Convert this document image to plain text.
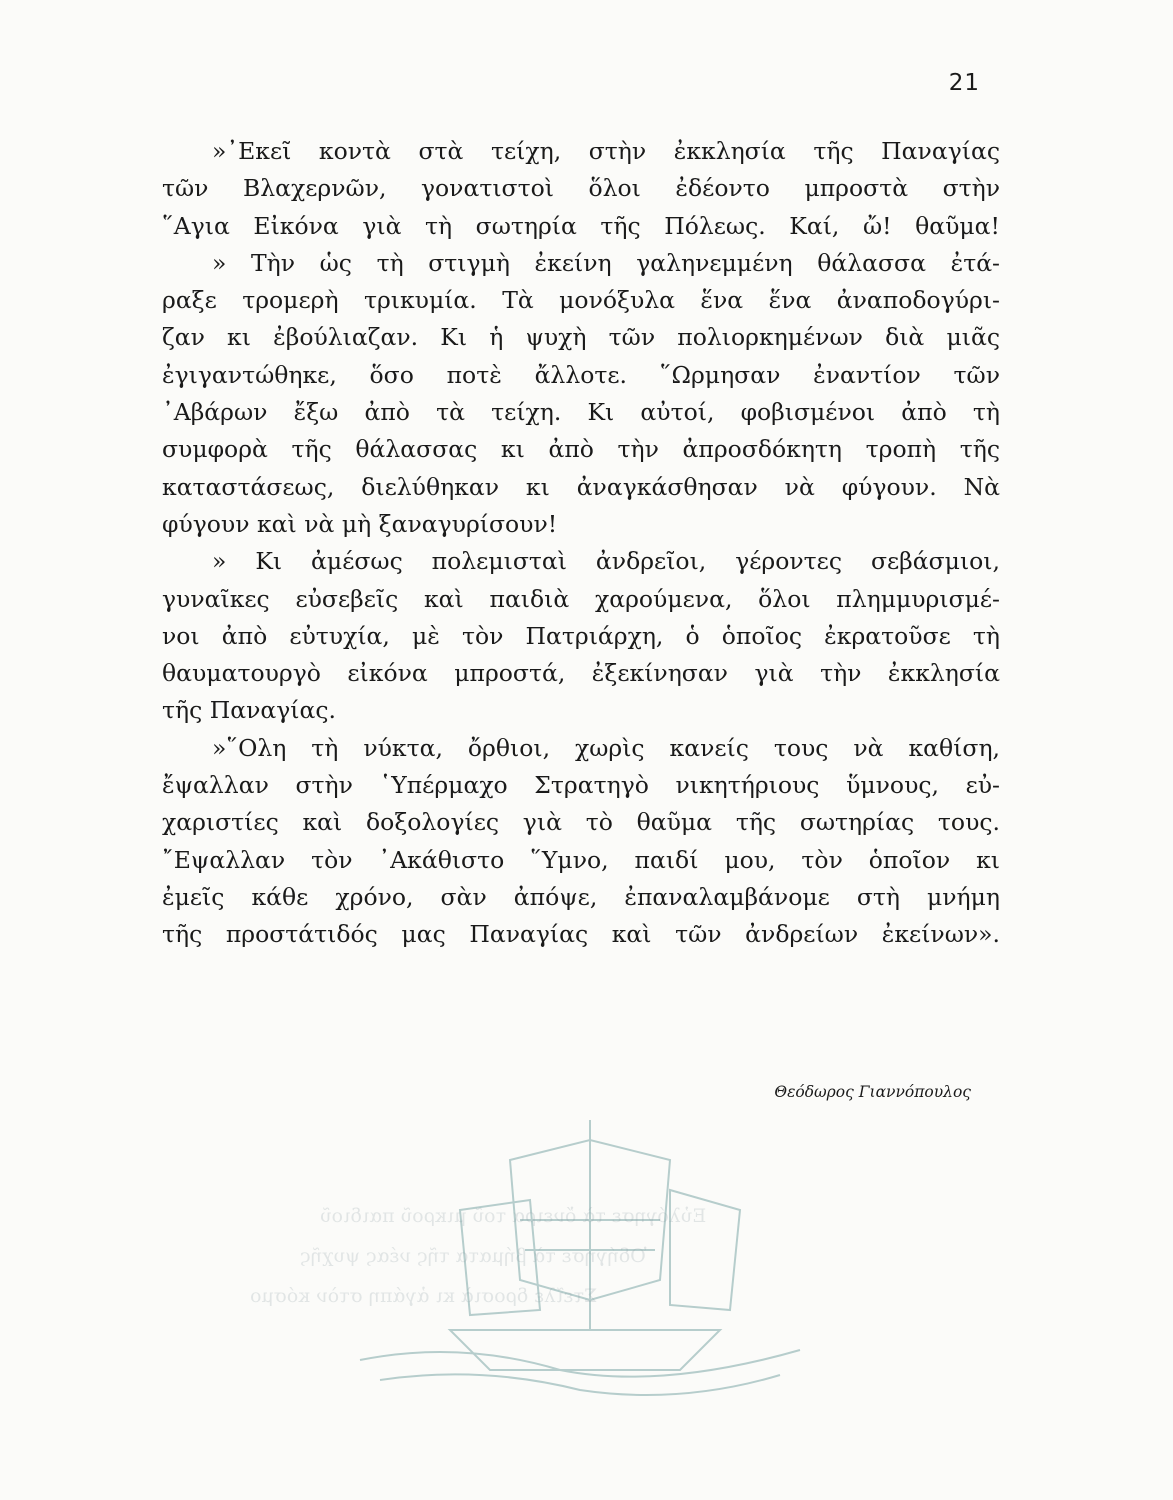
Εὐλόγησε τὰ ὄνειρα τοῦ μικροῦ παιδιοῦ
Ὁδήγησε τὰ βήματα τῆς νέας ψυχῆς
Στεῖλε δροσιὰ κι ἀγάπη στὸν κόσμο
21
»᾿Εκεῖ κοντὰ στὰ τείχη, στὴν ἐκκλησία τῆς Παναγίας
τῶν Βλαχερνῶν, γονατιστοὶ ὅλοι ἐδέοντο μπροστὰ στὴν
῞Αγια Εἰκόνα γιὰ τὴ σωτηρία τῆς Πόλεως. Καί, ὤ! θαῦμα!
» Τὴν ὡς τὴ στιγμὴ ἐκείνη γαληνεμμένη θάλασσα ἐτά-
ραξε τρομερὴ τρικυμία. Τὰ μονόξυλα ἕνα ἕνα ἀναποδογύρι-
ζαν κι ἐβούλιαζαν. Κι ἡ ψυχὴ τῶν πολιορκημένων διὰ μιᾶς
ἐγιγαντώθηκε, ὅσο ποτὲ ἄλλοτε. ῞Ωρμησαν ἐναντίον τῶν
᾿Αβάρων ἔξω ἀπὸ τὰ τείχη. Κι αὐτοί, φοβισμένοι ἀπὸ τὴ
συμφορὰ τῆς θάλασσας κι ἀπὸ τὴν ἀπροσδόκητη τροπὴ τῆς
καταστάσεως, διελύθηκαν κι ἀναγκάσθησαν νὰ φύγουν. Νὰ
φύγουν καὶ νὰ μὴ ξαναγυρίσουν!
» Κι ἀμέσως πολεμισταὶ ἀνδρεῖοι, γέροντες σεβάσμιοι,
γυναῖκες εὐσεβεῖς καὶ παιδιὰ χαρούμενα, ὅλοι πλημμυρισμέ-
νοι ἀπὸ εὐτυχία, μὲ τὸν Πατριάρχη, ὁ ὁποῖος ἐκρατοῦσε τὴ
θαυματουργὸ εἰκόνα μπροστά, ἐξεκίνησαν γιὰ τὴν ἐκκλησία
τῆς Παναγίας.
»῞Ολη τὴ νύκτα, ὄρθιοι, χωρὶς κανείς τους νὰ καθίση,
ἔψαλλαν στὴν ῾Υπέρμαχο Στρατηγὸ νικητήριους ὕμνους, εὐ-
χαριστίες καὶ δοξολογίες γιὰ τὸ θαῦμα τῆς σωτηρίας τους.
῎Εψαλλαν τὸν ᾿Ακάθιστο ῞Υμνο, παιδί μου, τὸν ὁποῖον κι
ἐμεῖς κάθε χρόνο, σὰν ἀπόψε, ἐπαναλαμβάνομε στὴ μνήμη
τῆς προστάτιδός μας Παναγίας καὶ τῶν ἀνδρείων ἐκείνων».
Θεόδωρος Γιαννόπουλος
